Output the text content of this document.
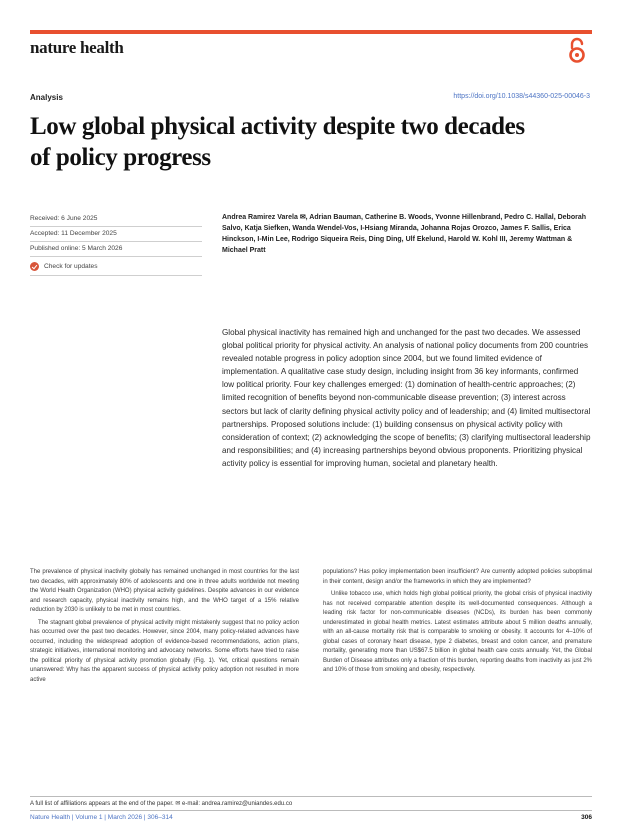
nature health
Analysis	https://doi.org/10.1038/s44360-025-00046-3
Low global physical activity despite two decades of policy progress
Received: 6 June 2025
Accepted: 11 December 2025
Published online: 5 March 2026
Check for updates
Andrea Ramirez Varela ✉, Adrian Bauman, Catherine B. Woods, Yvonne Hillenbrand, Pedro C. Hallal, Deborah Salvo, Katja Siefken, Wanda Wendel-Vos, I-Hsiang Miranda, Johanna Rojas Orozco, James F. Sallis, Erica Hinckson, I-Min Lee, Rodrigo Siqueira Reis, Ding Ding, Ulf Ekelund, Harold W. Kohl III, Jeremy Wattman & Michael Pratt
Global physical inactivity has remained high and unchanged for the past two decades. We assessed global political priority for physical activity. An analysis of national policy documents from 200 countries revealed notable progress in policy adoption since 2004, but we found limited evidence of implementation. A qualitative case study design, including insight from 36 key informants, confirmed low political priority. Four key challenges emerged: (1) domination of health-centric approaches; (2) limited recognition of benefits beyond non-communicable disease prevention; (3) interest across sectors but lack of clarity defining physical activity policy and of leadership; and (4) limited multisectoral partnerships. Proposed solutions include: (1) building consensus on physical activity policy with consideration of context; (2) acknowledging the scope of benefits; (3) clarifying multisectoral leadership and responsibilities; and (4) increasing partnerships beyond obvious proponents. Prioritizing physical activity policy is essential for improving human, societal and planetary health.

The prevalence of physical inactivity globally has remained unchanged in most countries for the last two decades, with approximately 80% of adolescents and one in three adults worldwide not meeting the World Health Organization (WHO) physical activity guidelines. Despite advances in our evidence and research capacity, physical inactivity remains high, and the WHO target of a 15% relative reduction by 2030 is unlikely to be met in most countries.

The stagnant global prevalence of physical activity might mistakenly suggest that no policy action has occurred over the past two decades. However, since 2004, many policy-related advances have occurred, including the widespread adoption of evidence-based recommendations, action plans, strategic initiatives, international monitoring and advocacy networks. Some efforts have tried to raise the political priority of physical activity promotion globally (Fig. 1). Yet, critical questions remain unanswered: Why has the apparent success of physical activity policy adoption not resulted in more active

populations? Has policy implementation been insufficient? Are currently adopted policies suboptimal in their content, design and/or the frameworks in which they are implemented?

Unlike tobacco use, which holds high global political priority, the global crisis of physical inactivity has not received comparable attention despite its well-documented consequences. Although a leading risk factor for non-communicable diseases (NCDs), its burden has been commonly underestimated in global health metrics. Latest estimates attribute about 5 million deaths annually, with an all-cause mortality risk that is comparable to smoking or obesity. It accounts for 4–10% of global cases of coronary heart disease, type 2 diabetes, breast and colon cancer, and premature mortality, generating more than US$67.5 billion in global health care costs annually. Yet, the Global Burden of Disease attributes only a fraction of this burden, reporting deaths from inactivity as just 2% and 10% of those from smoking and obesity, respectively.

A full list of affiliations appears at the end of the paper. ✉ e-mail: andrea.ramirez@uniandes.edu.co
Nature Health | Volume 1 | March 2026 | 306–314	306
